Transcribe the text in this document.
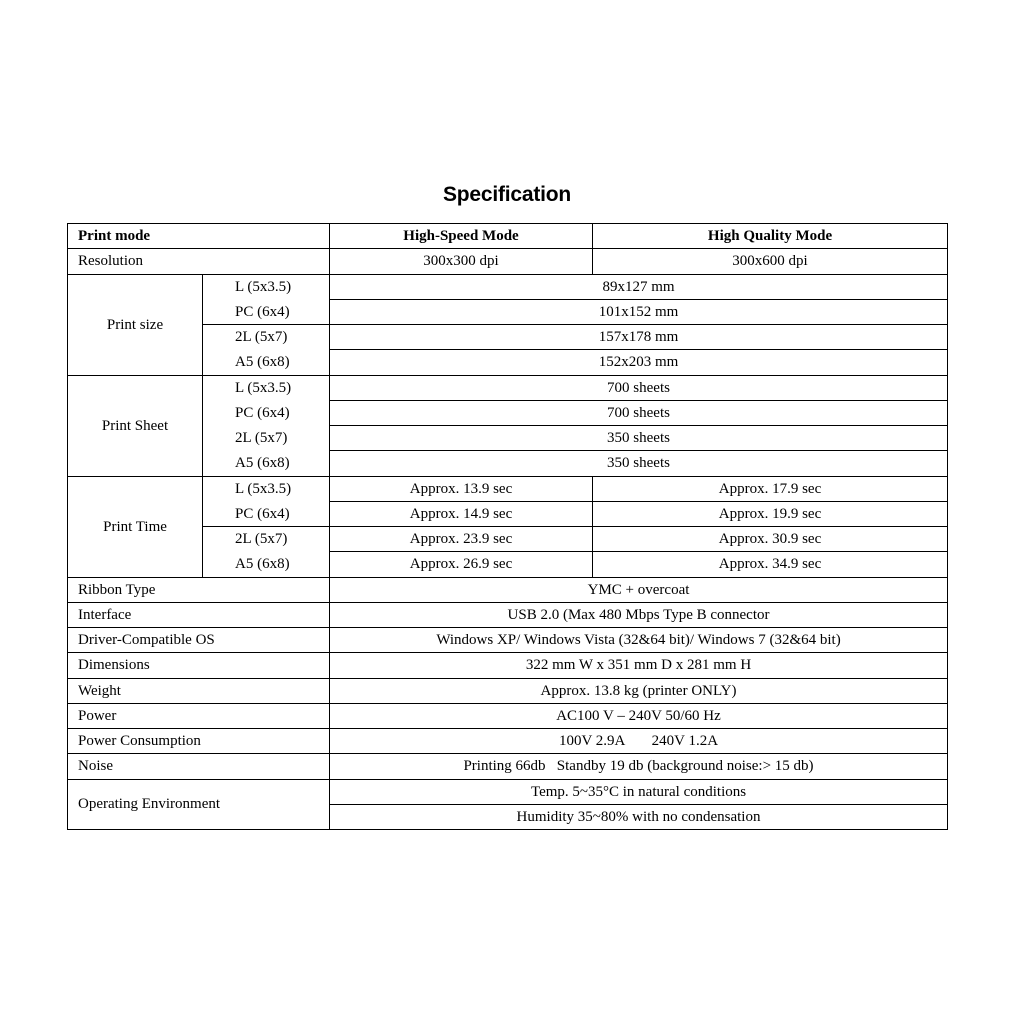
Specification
Print mode		High-Speed Mode	High Quality Mode
Resolution		300x300 dpi	300x600 dpi
Print size	L (5x3.5)	89x127 mm	
	PC (6x4)	101x152 mm	
	2L (5x7)	157x178 mm	
	A5 (6x8)	152x203 mm	
Print Sheet	L (5x3.5)	700 sheets	
	PC (6x4)	700 sheets	
	2L (5x7)	350 sheets	
	A5 (6x8)	350 sheets	
Print Time	L (5x3.5)	Approx. 13.9 sec	Approx. 17.9 sec
	PC (6x4)	Approx. 14.9 sec	Approx. 19.9 sec
	2L (5x7)	Approx. 23.9 sec	Approx. 30.9 sec
	A5 (6x8)	Approx. 26.9 sec	Approx. 34.9 sec
Ribbon Type		YMC + overcoat	
Interface		USB 2.0 (Max 480 Mbps Type B connector	
Driver-Compatible OS		Windows XP/ Windows Vista (32&64 bit)/ Windows 7 (32&64 bit)	
Dimensions		322 mm W x 351 mm D x 281 mm H	
Weight		Approx. 13.8 kg (printer ONLY)	
Power		AC100 V – 240V 50/60 Hz	
Power Consumption		100V 2.9A       240V 1.2A	
Noise		Printing 66db   Standby 19 db (background noise:> 15 db)	
Operating Environment		Temp. 5~35°C in natural conditions	
		Humidity 35~80% with no condensation	
